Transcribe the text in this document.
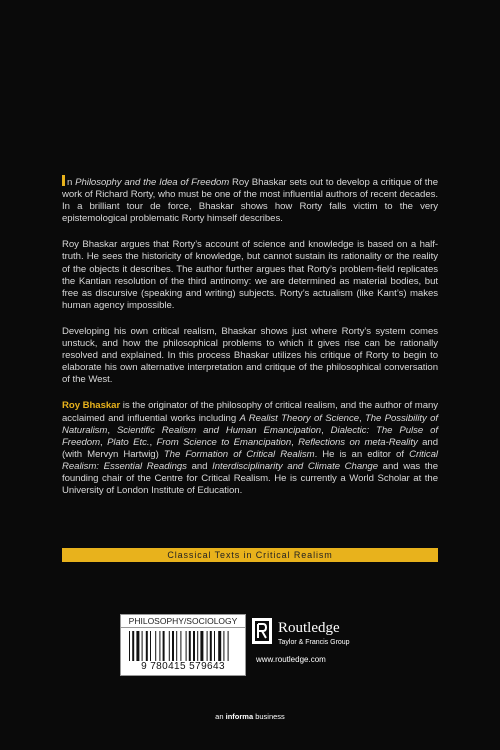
n Philosophy and the Idea of Freedom Roy Bhaskar sets out to develop a critique of the work of Richard Rorty, who must be one of the most influential authors of recent decades. In a brilliant tour de force, Bhaskar shows how Rorty falls victim to the very epistemological problematic Rorty himself describes.

Roy Bhaskar argues that Rorty’s account of science and knowledge is based on a half-truth. He sees the historicity of knowledge, but cannot sustain its rationality or the reality of the objects it describes. The author further argues that Rorty’s problem-field replicates the Kantian resolution of the third antinomy: we are determined as material bodies, but free as discursive (speaking and writing) subjects. Rorty’s actualism (like Kant’s) makes human agency impossible.

Developing his own critical realism, Bhaskar shows just where Rorty’s system comes unstuck, and how the philosophical problems to which it gives rise can be rationally resolved and explained. In this process Bhaskar utilizes his critique of Rorty to begin to elaborate his own alternative interpretation and critique of the philosophical conversation of the West.

Roy Bhaskar is the originator of the philosophy of critical realism, and the author of many acclaimed and influential works including A Realist Theory of Science, The Possibility of Naturalism, Scientific Realism and Human Emancipation, Dialectic: The Pulse of Freedom, Plato Etc., From Science to Emancipation, Reflections on meta-Reality and (with Mervyn Hartwig) The Formation of Critical Realism. He is an editor of Critical Realism: Essential Readings and Interdisciplinarity and Climate Change and was the founding chair of the Centre for Critical Realism. He is currently a World Scholar at the University of London Institute of Education.

Classical Texts in Critical Realism
PHILOSOPHY/SOCIOLOGY
9 780415 579643
Routledge
Taylor & Francis Group
www.routledge.com
an informa business
